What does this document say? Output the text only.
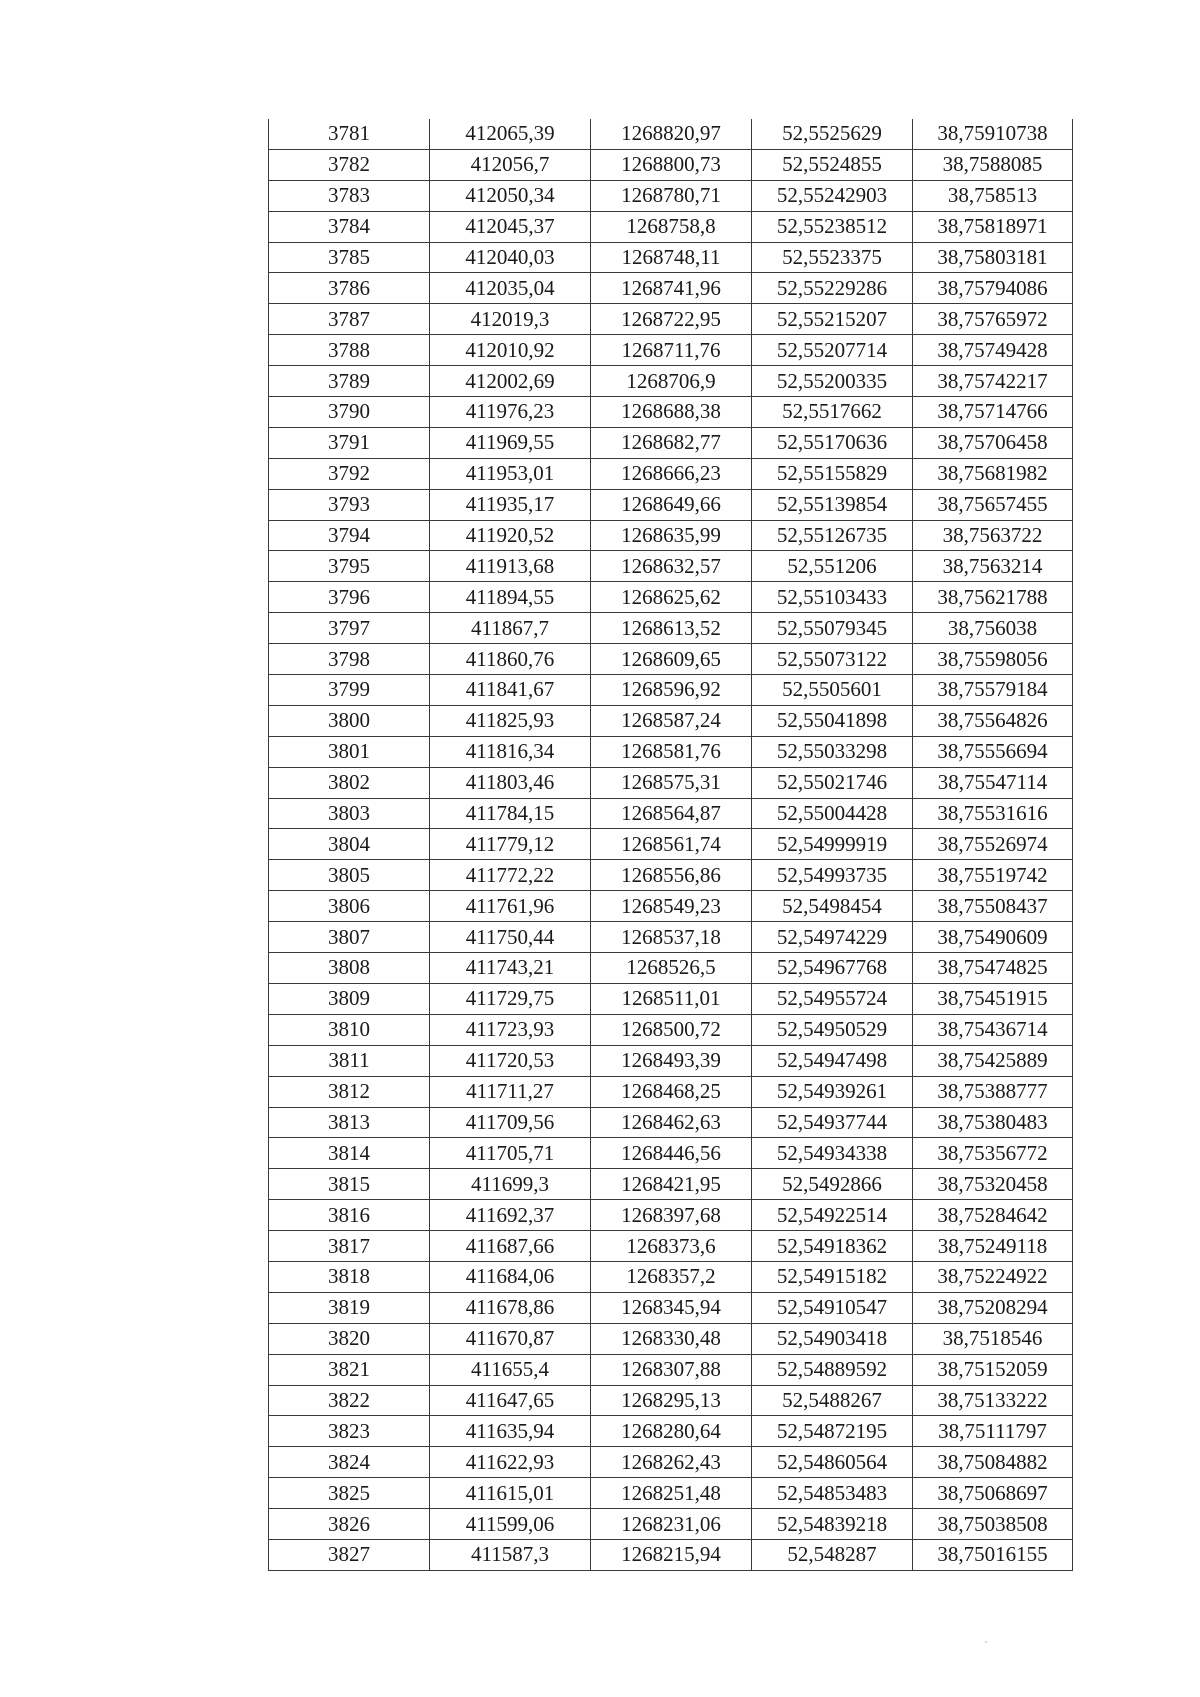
3781	412065,39	1268820,97	52,5525629	38,75910738
3782	412056,7	1268800,73	52,5524855	38,7588085
3783	412050,34	1268780,71	52,55242903	38,758513
3784	412045,37	1268758,8	52,55238512	38,75818971
3785	412040,03	1268748,11	52,5523375	38,75803181
3786	412035,04	1268741,96	52,55229286	38,75794086
3787	412019,3	1268722,95	52,55215207	38,75765972
3788	412010,92	1268711,76	52,55207714	38,75749428
3789	412002,69	1268706,9	52,55200335	38,75742217
3790	411976,23	1268688,38	52,5517662	38,75714766
3791	411969,55	1268682,77	52,55170636	38,75706458
3792	411953,01	1268666,23	52,55155829	38,75681982
3793	411935,17	1268649,66	52,55139854	38,75657455
3794	411920,52	1268635,99	52,55126735	38,7563722
3795	411913,68	1268632,57	52,551206	38,7563214
3796	411894,55	1268625,62	52,55103433	38,75621788
3797	411867,7	1268613,52	52,55079345	38,756038
3798	411860,76	1268609,65	52,55073122	38,75598056
3799	411841,67	1268596,92	52,5505601	38,75579184
3800	411825,93	1268587,24	52,55041898	38,75564826
3801	411816,34	1268581,76	52,55033298	38,75556694
3802	411803,46	1268575,31	52,55021746	38,75547114
3803	411784,15	1268564,87	52,55004428	38,75531616
3804	411779,12	1268561,74	52,54999919	38,75526974
3805	411772,22	1268556,86	52,54993735	38,75519742
3806	411761,96	1268549,23	52,5498454	38,75508437
3807	411750,44	1268537,18	52,54974229	38,75490609
3808	411743,21	1268526,5	52,54967768	38,75474825
3809	411729,75	1268511,01	52,54955724	38,75451915
3810	411723,93	1268500,72	52,54950529	38,75436714
3811	411720,53	1268493,39	52,54947498	38,75425889
3812	411711,27	1268468,25	52,54939261	38,75388777
3813	411709,56	1268462,63	52,54937744	38,75380483
3814	411705,71	1268446,56	52,54934338	38,75356772
3815	411699,3	1268421,95	52,5492866	38,75320458
3816	411692,37	1268397,68	52,54922514	38,75284642
3817	411687,66	1268373,6	52,54918362	38,75249118
3818	411684,06	1268357,2	52,54915182	38,75224922
3819	411678,86	1268345,94	52,54910547	38,75208294
3820	411670,87	1268330,48	52,54903418	38,7518546
3821	411655,4	1268307,88	52,54889592	38,75152059
3822	411647,65	1268295,13	52,5488267	38,75133222
3823	411635,94	1268280,64	52,54872195	38,75111797
3824	411622,93	1268262,43	52,54860564	38,75084882
3825	411615,01	1268251,48	52,54853483	38,75068697
3826	411599,06	1268231,06	52,54839218	38,75038508
3827	411587,3	1268215,94	52,548287	38,75016155
